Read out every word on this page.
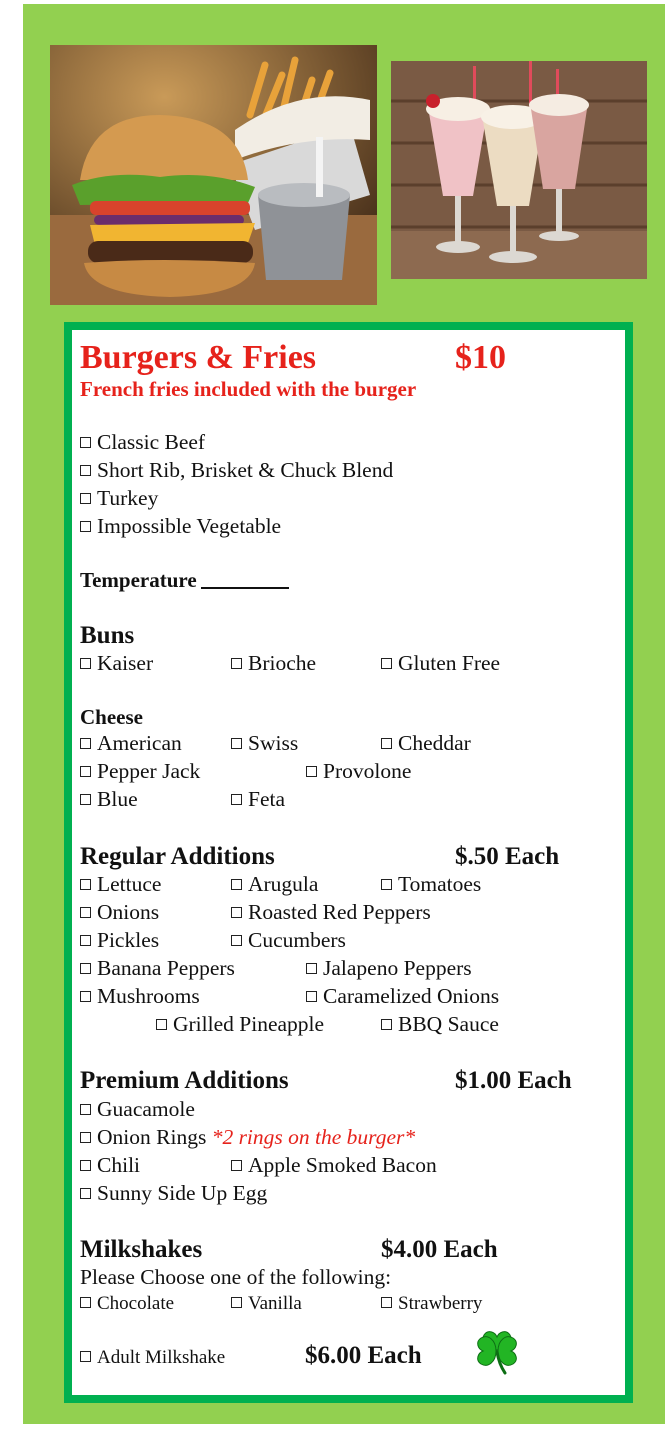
Burgers & Fries	$10
French fries included with the burger
Classic Beef
Short Rib, Brisket & Chuck Blend
Turkey
Impossible Vegetable
Temperature
Buns
Kaiser	Brioche	Gluten Free
Cheese
American	Swiss	Cheddar
Pepper Jack	Provolone
Blue	Feta
Regular Additions	$.50 Each
Lettuce	Arugula	Tomatoes
Onions	Roasted Red Peppers
Pickles	Cucumbers
Banana Peppers	Jalapeno Peppers
Mushrooms	Caramelized Onions
Grilled Pineapple	BBQ Sauce
Premium Additions	$1.00 Each
Guacamole
Onion Rings *2 rings on the burger*
Chili	Apple Smoked Bacon
Sunny Side Up Egg
Milkshakes	$4.00 Each
Please Choose one of the following:
Chocolate	Vanilla	Strawberry
Adult Milkshake	$6.00 Each
